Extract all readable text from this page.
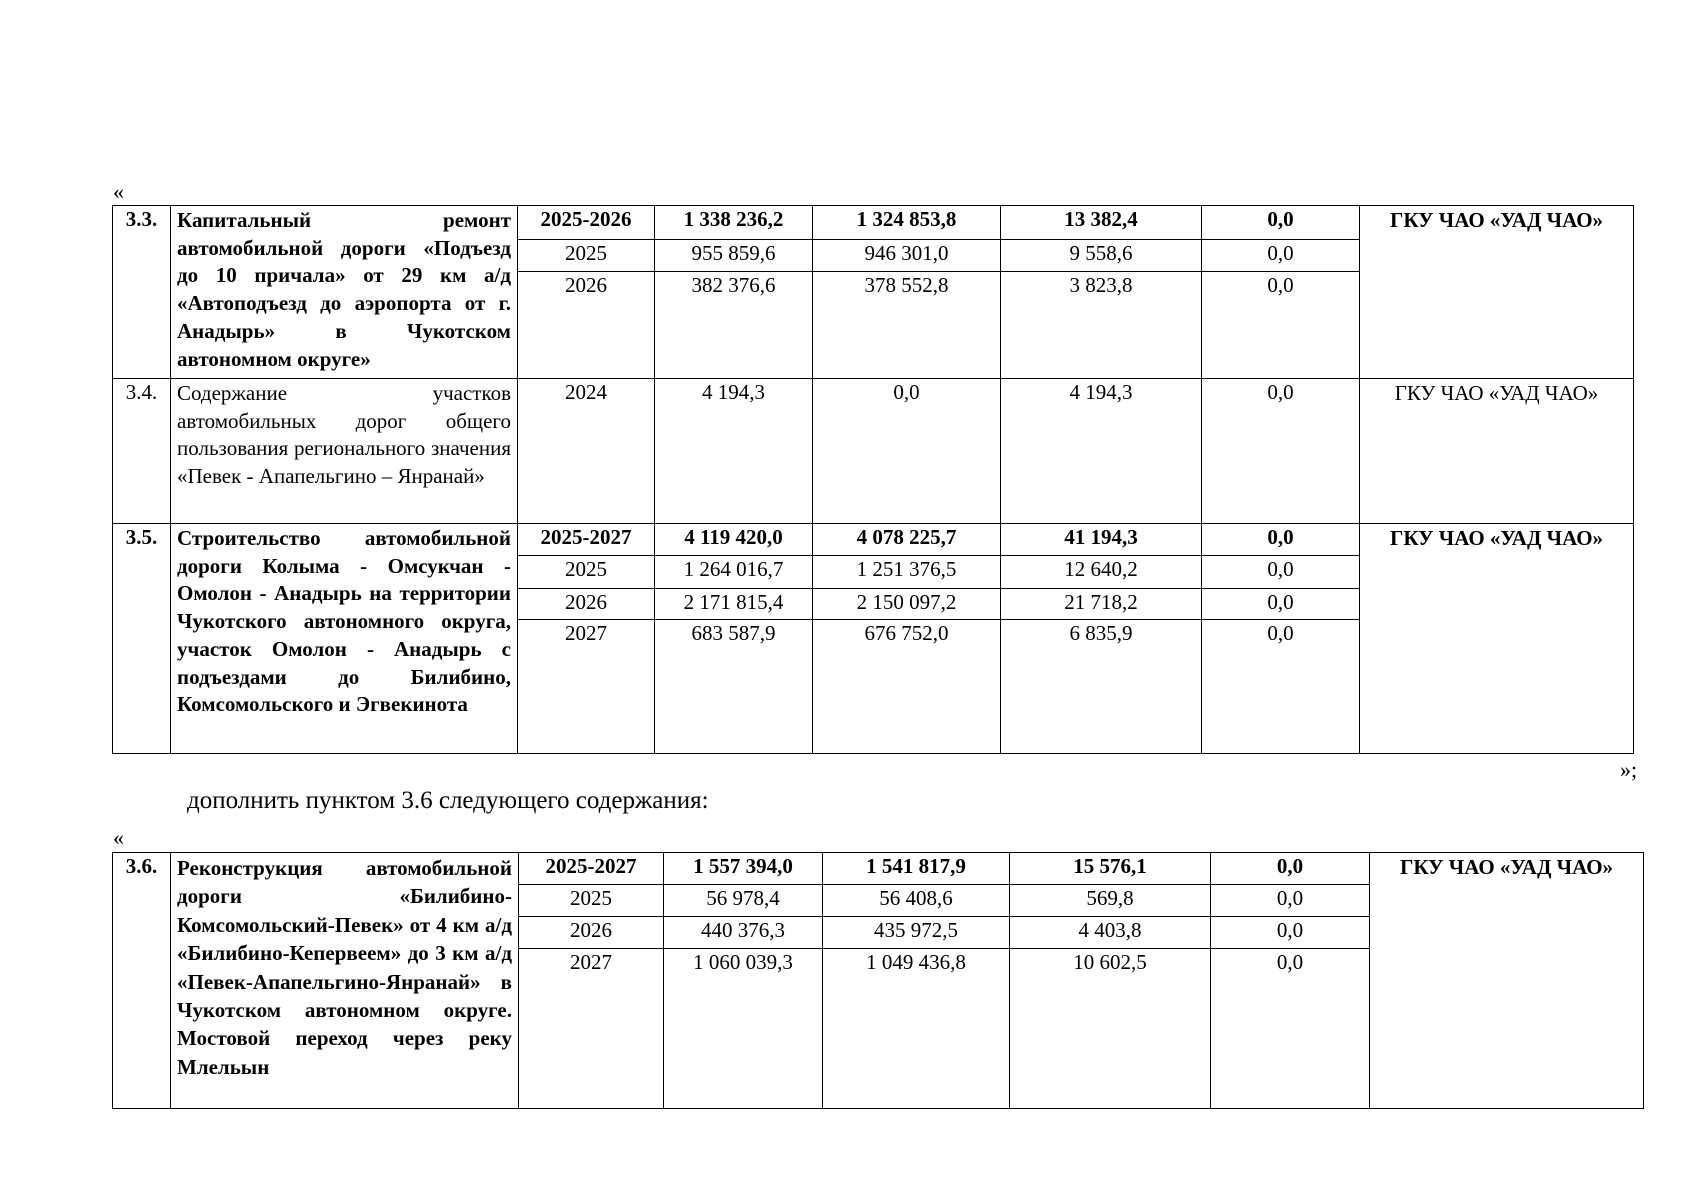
«
3.3.	Капитальный ремонт автомобильной дороги «Подъезд до 10 причала» от 29 км а/д «Автоподъезд до аэропорта от г. Анадырь» в Чукотском автономном округе»	2025-2026	1 338 236,2	1 324 853,8	13 382,4	0,0	ГКУ ЧАО «УАД ЧАО»
		2025	955 859,6	946 301,0	9 558,6	0,0	
		2026	382 376,6	378 552,8	3 823,8	0,0	
3.4.	Содержание участков автомобильных дорог общего пользования регионального значения «Певек - Апапельгино – Янранай»	2024	4 194,3	0,0	4 194,3	0,0	ГКУ ЧАО «УАД ЧАО»
3.5.	Строительство автомобильной дороги Колыма - Омсукчан - Омолон - Анадырь на территории Чукотского автономного округа, участок Омолон - Анадырь с подъездами до Билибино, Комсомольского и Эгвекинота	2025-2027	4 119 420,0	4 078 225,7	41 194,3	0,0	ГКУ ЧАО «УАД ЧАО»
		2025	1 264 016,7	1 251 376,5	12 640,2	0,0	
		2026	2 171 815,4	2 150 097,2	21 718,2	0,0	
		2027	683 587,9	676 752,0	6 835,9	0,0	
»;
дополнить пунктом 3.6 следующего содержания:
«
3.6.	Реконструкция автомобильной дороги «Билибино-Комсомольский-Певек» от 4 км а/д «Билибино-Кепервеем» до 3 км а/д «Певек-Апапельгино-Янранай» в Чукотском автономном округе. Мостовой переход через реку Млельын	2025-2027	1 557 394,0	1 541 817,9	15 576,1	0,0	ГКУ ЧАО «УАД ЧАО»
		2025	56 978,4	56 408,6	569,8	0,0	
		2026	440 376,3	435 972,5	4 403,8	0,0	
		2027	1 060 039,3	1 049 436,8	10 602,5	0,0	
